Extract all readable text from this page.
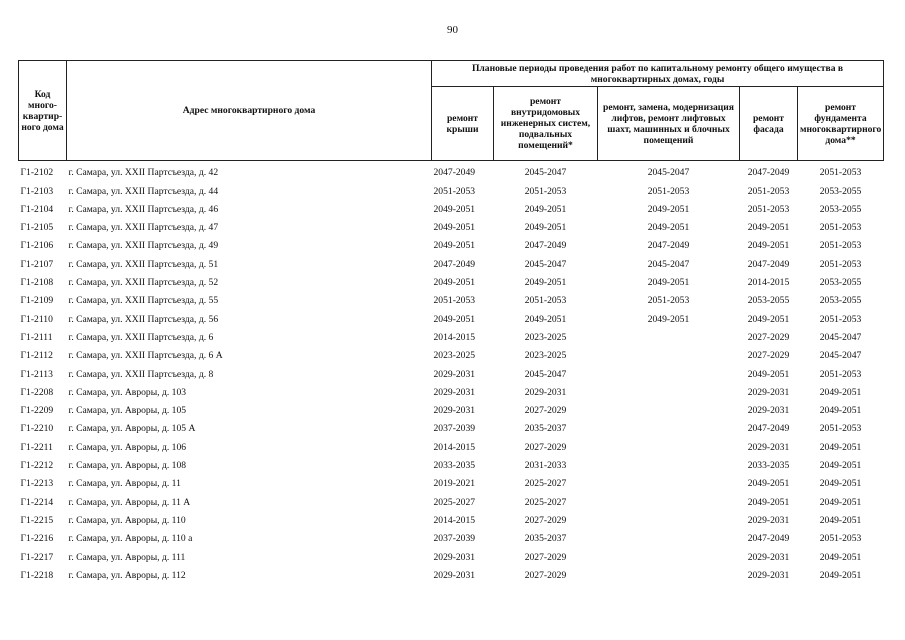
90
Код много-квартир-ного дома	Адрес многоквартирного дома	Плановые периоды проведения работ по капитальному ремонту общего имущества в многоквартирных домах, годы				
		ремонт крыши	ремонт внутридомовых инженерных систем, подвальных помещений*	ремонт, замена, модернизация лифтов, ремонт лифтовых шахт, машинных и блочных помещений	ремонт фасада	ремонт фундамента многоквартирного дома**
Г1-2102	г. Самара, ул. XXII Партсъезда, д. 42	2047-2049	2045-2047	2045-2047	2047-2049	2051-2053
Г1-2103	г. Самара, ул. XXII Партсъезда, д. 44	2051-2053	2051-2053	2051-2053	2051-2053	2053-2055
Г1-2104	г. Самара, ул. XXII Партсъезда, д. 46	2049-2051	2049-2051	2049-2051	2051-2053	2053-2055
Г1-2105	г. Самара, ул. XXII Партсъезда, д. 47	2049-2051	2049-2051	2049-2051	2049-2051	2051-2053
Г1-2106	г. Самара, ул. XXII Партсъезда, д. 49	2049-2051	2047-2049	2047-2049	2049-2051	2051-2053
Г1-2107	г. Самара, ул. XXII Партсъезда, д. 51	2047-2049	2045-2047	2045-2047	2047-2049	2051-2053
Г1-2108	г. Самара, ул. XXII Партсъезда, д. 52	2049-2051	2049-2051	2049-2051	2014-2015	2053-2055
Г1-2109	г. Самара, ул. XXII Партсъезда, д. 55	2051-2053	2051-2053	2051-2053	2053-2055	2053-2055
Г1-2110	г. Самара, ул. XXII Партсъезда, д. 56	2049-2051	2049-2051	2049-2051	2049-2051	2051-2053
Г1-2111	г. Самара, ул. XXII Партсъезда, д. 6	2014-2015	2023-2025		2027-2029	2045-2047
Г1-2112	г. Самара, ул. XXII Партсъезда, д. 6 А	2023-2025	2023-2025		2027-2029	2045-2047
Г1-2113	г. Самара, ул. XXII Партсъезда, д. 8	2029-2031	2045-2047		2049-2051	2051-2053
Г1-2208	г. Самара, ул. Авроры, д. 103	2029-2031	2029-2031		2029-2031	2049-2051
Г1-2209	г. Самара, ул. Авроры, д. 105	2029-2031	2027-2029		2029-2031	2049-2051
Г1-2210	г. Самара, ул. Авроры, д. 105 А	2037-2039	2035-2037		2047-2049	2051-2053
Г1-2211	г. Самара, ул. Авроры, д. 106	2014-2015	2027-2029		2029-2031	2049-2051
Г1-2212	г. Самара, ул. Авроры, д. 108	2033-2035	2031-2033		2033-2035	2049-2051
Г1-2213	г. Самара, ул. Авроры, д. 11	2019-2021	2025-2027		2049-2051	2049-2051
Г1-2214	г. Самара, ул. Авроры, д. 11 А	2025-2027	2025-2027		2049-2051	2049-2051
Г1-2215	г. Самара, ул. Авроры, д. 110	2014-2015	2027-2029		2029-2031	2049-2051
Г1-2216	г. Самара, ул. Авроры, д. 110 а	2037-2039	2035-2037		2047-2049	2051-2053
Г1-2217	г. Самара, ул. Авроры, д. 111	2029-2031	2027-2029		2029-2031	2049-2051
Г1-2218	г. Самара, ул. Авроры, д. 112	2029-2031	2027-2029		2029-2031	2049-2051
